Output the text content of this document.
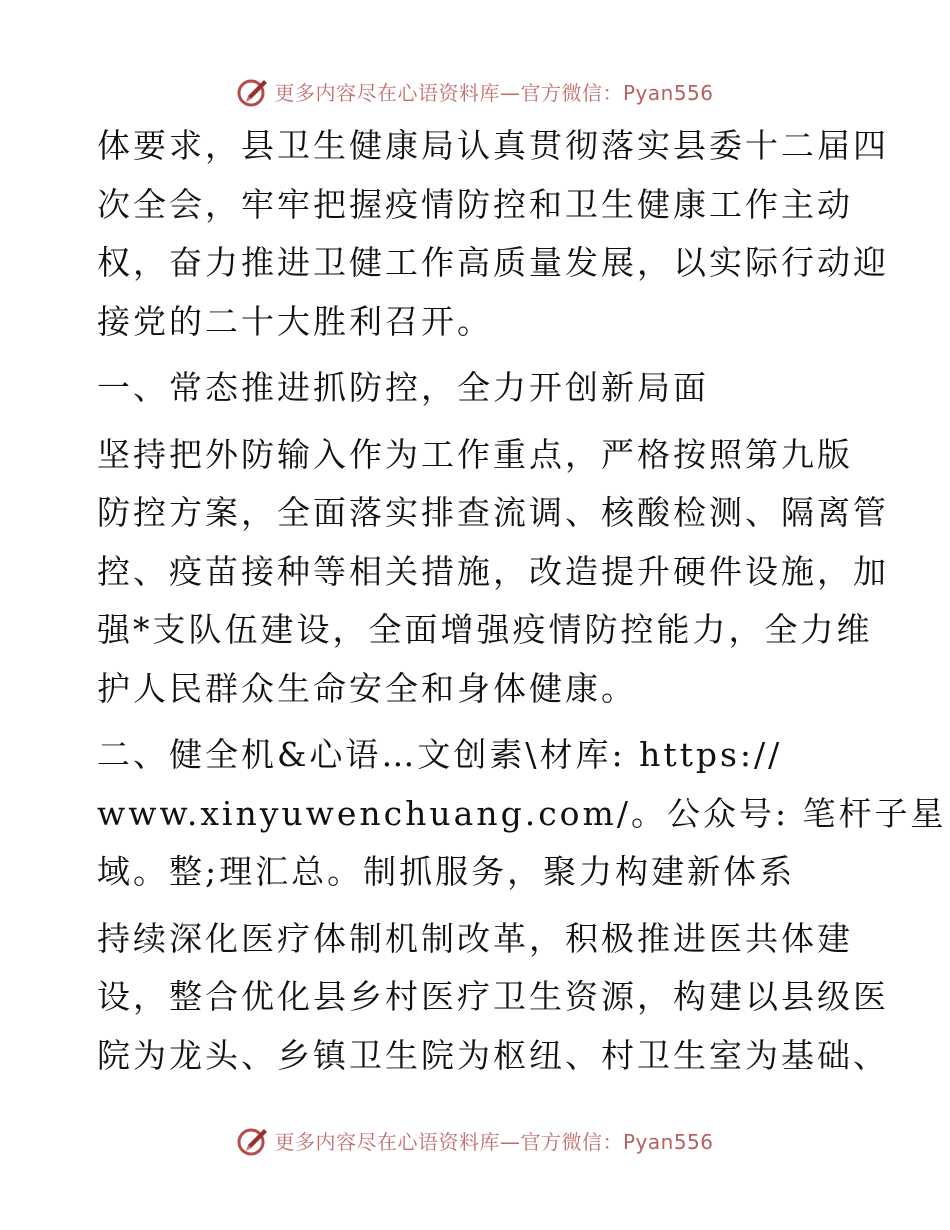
更多内容尽在心语资料库—官方微信：Pyan556
体要求，县卫生健康局认真贯彻落实县委十二届四
次全会，牢牢把握疫情防控和卫生健康工作主动
权，奋力推进卫健工作高质量发展，以实际行动迎
接党的二十大胜利召开。
一、常态推进抓防控，全力开创新局面
坚持把外防输入作为工作重点，严格按照第九版
防控方案，全面落实排查流调、核酸检测、隔离管
控、疫苗接种等相关措施，改造提升硬件设施，加
强*支队伍建设，全面增强疫情防控能力，全力维
护人民群众生命安全和身体健康。
二、健全机&心语…文创素\材库: https://
www.xinyuwenchuang.com/。公众号: 笔杆子星
域。整;理汇总。制抓服务，聚力构建新体系
持续深化医疗体制机制改革，积极推进医共体建
设，整合优化县乡村医疗卫生资源，构建以县级医
院为龙头、乡镇卫生院为枢纽、村卫生室为基础、
更多内容尽在心语资料库—官方微信：Pyan556
